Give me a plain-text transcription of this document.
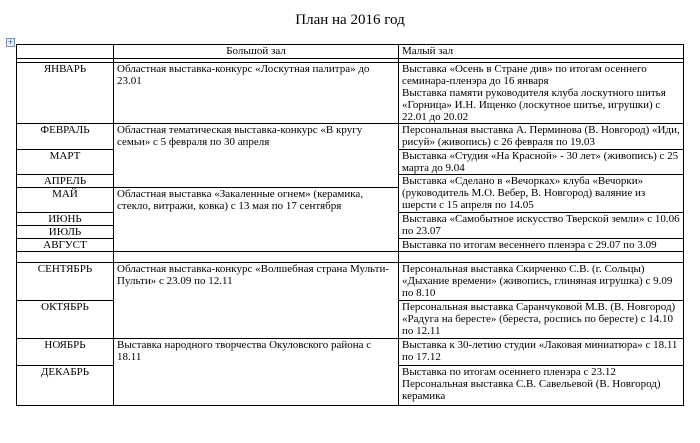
План на 2016 год
+
	Большой зал	Малый зал

ЯНВАРЬ	Областная выставка-конкурс «Лоскутная палитра» до 23.01	Выставка «Осень в Стране див» по итогам осеннего семинара-пленэра до 16 января
Выставка памяти руководителя клуба лоскутного шитья «Горница» И.Н. Ищенко (лоскутное шитье, игрушки) с 22.01 до 20.02
ФЕВРАЛЬ	Областная тематическая выставка-конкурс «В кругу семьи» с 5 февраля по 30 апреля	Персональная выставка А. Перминова (В. Новгород) «Иди, рисуй» (живопись) с 26 февраля по 19.03
МАРТ		Выставка «Студия «На Красной» - 30 лет» (живопись) с 25 марта до 9.04
АПРЕЛЬ		Выставка «Сделано в «Вечорках» клуба «Вечорки» (руководитель М.О. Вебер, В. Новгород) валяние из шерсти с 15 апреля по 14.05
МАЙ	Областная выставка «Закаленные огнем» (керамика, стекло, витражи, ковка) с 13 мая по 17 сентября	
ИЮНЬ		Выставка «Самобытное искусство Тверской земли» с 10.06 по 23.07
ИЮЛЬ		
АВГУСТ		Выставка по итогам весеннего пленэра с 29.07 по 3.09

СЕНТЯБРЬ	Областная выставка-конкурс «Волшебная страна Мульти-Пульти» с 23.09 по 12.11	Персональная выставка Скирченко С.В. (г. Сольцы) «Дыхание времени» (живопись, глиняная игрушка) с 9.09 по 8.10
ОКТЯБРЬ		Персональная выставка Саранчуковой М.В. (В. Новгород) «Радуга на бересте» (береста, роспись по бересте) с 14.10 по 12.11
НОЯБРЬ	Выставка народного творчества Окуловского района с 18.11	Выставка к 30-летию студии «Лаковая миниатюра» с 18.11 по 17.12
ДЕКАБРЬ		Выставка по итогам осеннего пленэра с 23.12
Персональная выставка С.В. Савельевой (В. Новгород) керамика
